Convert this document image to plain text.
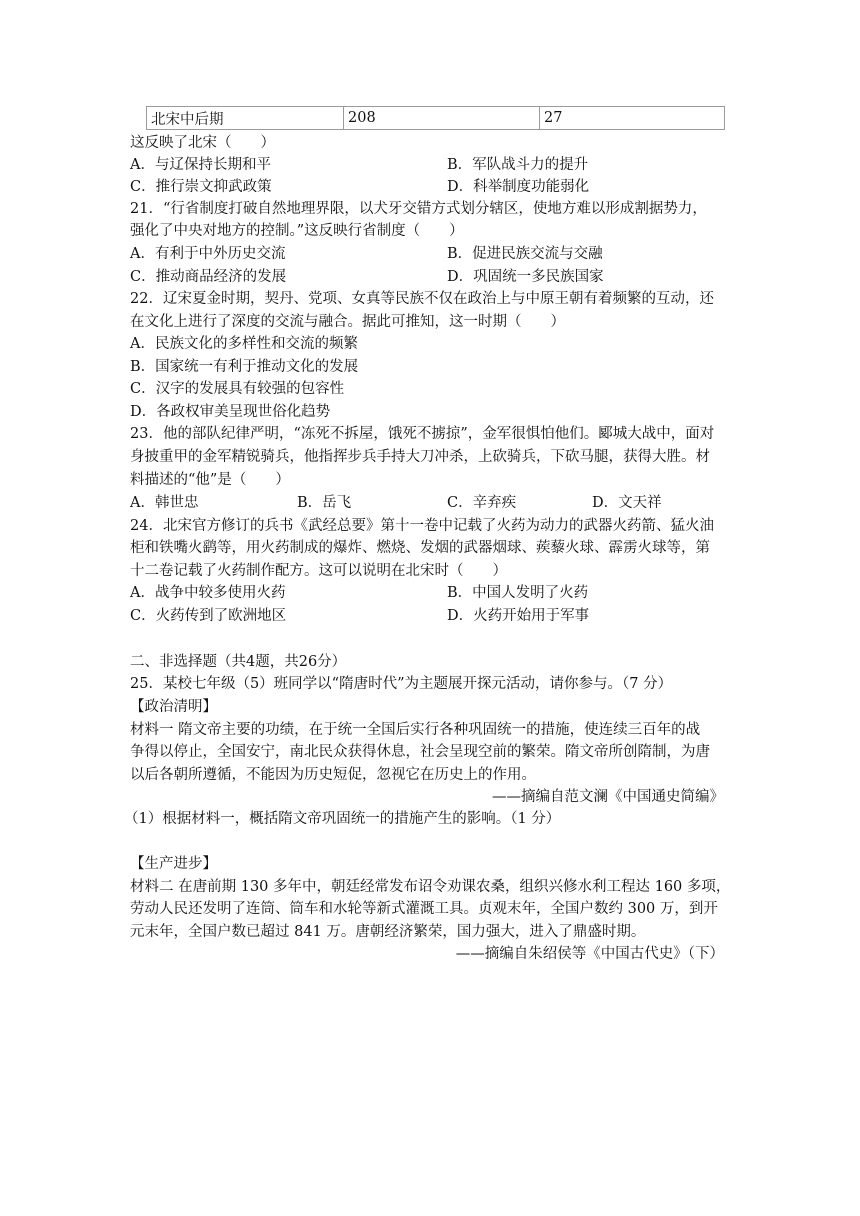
北宋中后期	208	27
这反映了北宋（　　）
A．与辽保持长期和平	B．军队战斗力的提升
C．推行崇文抑武政策	D．科举制度功能弱化
21．“行省制度打破自然地理界限，以犬牙交错方式划分辖区，使地方难以形成割据势力，
强化了中央对地方的控制。”这反映行省制度（　　）
A．有利于中外历史交流	B．促进民族交流与交融
C．推动商品经济的发展	D．巩固统一多民族国家
22．辽宋夏金时期，契丹、党项、女真等民族不仅在政治上与中原王朝有着频繁的互动，还
在文化上进行了深度的交流与融合。据此可推知，这一时期（　　）
A．民族文化的多样性和交流的频繁
B．国家统一有利于推动文化的发展
C．汉字的发展具有较强的包容性
D．各政权审美呈现世俗化趋势
23．他的部队纪律严明，“冻死不拆屋，饿死不掳掠”，金军很惧怕他们。郾城大战中，面对
身披重甲的金军精锐骑兵，他指挥步兵手持大刀冲杀，上砍骑兵，下砍马腿，获得大胜。材
料描述的“他”是（　　）
A．韩世忠	B．岳飞	C．辛弃疾	D．文天祥
24．北宋官方修订的兵书《武经总要》第十一卷中记载了火药为动力的武器火药箭、猛火油
柜和铁嘴火鹞等，用火药制成的爆炸、燃烧、发烟的武器烟球、蒺藜火球、霹雳火球等，第
十二卷记载了火药制作配方。这可以说明在北宋时（　　）
A．战争中较多使用火药	B．中国人发明了火药
C．火药传到了欧洲地区	D．火药开始用于军事
二、非选择题（共4题，共26分）
25．某校七年级（5）班同学以“隋唐时代”为主题展开探元活动，请你参与。（7 分）
【政治清明】
材料一 隋文帝主要的功绩，在于统一全国后实行各种巩固统一的措施，使连续三百年的战
争得以停止，全国安宁，南北民众获得休息，社会呈现空前的繁荣。隋文帝所创隋制，为唐
以后各朝所遵循，不能因为历史短促，忽视它在历史上的作用。
——摘编自范文澜《中国通史简编》
（1）根据材料一，概括隋文帝巩固统一的措施产生的影响。（1 分）
【生产进步】
材料二 在唐前期 130 多年中，朝廷经常发布诏令劝课农桑，组织兴修水利工程达 160 多项，
劳动人民还发明了连筒、筒车和水轮等新式灌溉工具。贞观末年，全国户数约 300 万，到开
元末年，全国户数已超过 841 万。唐朝经济繁荣，国力强大，进入了鼎盛时期。
——摘编自朱绍侯等《中国古代史》（下）
